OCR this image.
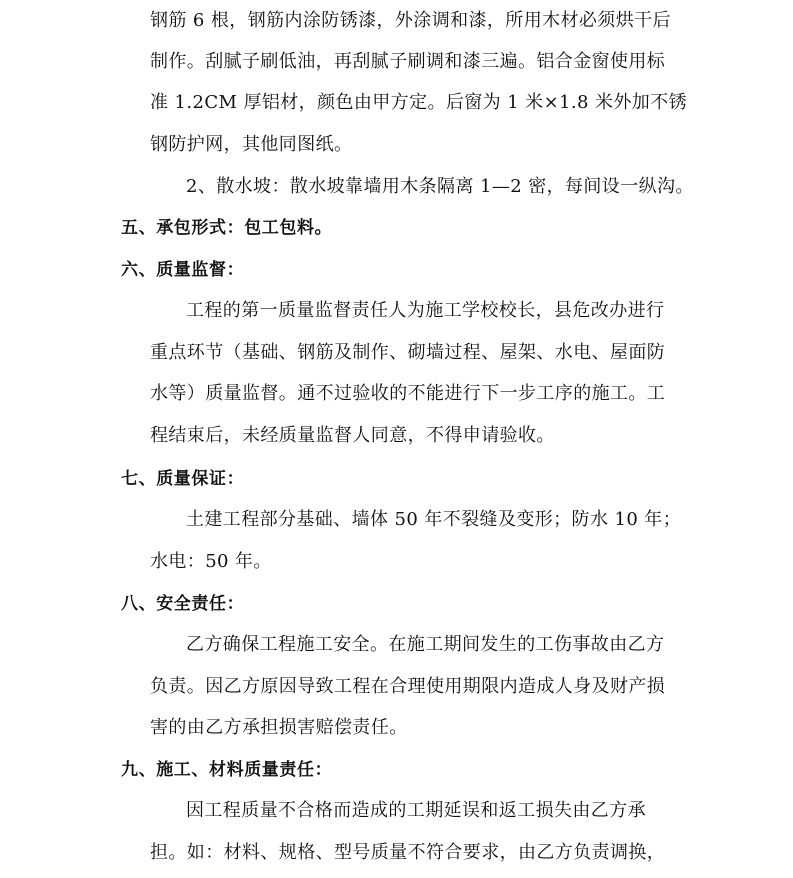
钢筋 6 根，钢筋内涂防锈漆，外涂调和漆，所用木材必须烘干后
制作。刮腻子刷低油，再刮腻子刷调和漆三遍。铝合金窗使用标
准 1.2CM 厚铝材，颜色由甲方定。后窗为 1 米×1.8 米外加不锈
钢防护网，其他同图纸。
2、散水坡：散水坡靠墙用木条隔离 1—2 密，每间设一纵沟。
五、承包形式：包工包料。
六、质量监督：
工程的第一质量监督责任人为施工学校校长，县危改办进行
重点环节（基础、钢筋及制作、砌墙过程、屋架、水电、屋面防
水等）质量监督。通不过验收的不能进行下一步工序的施工。工
程结束后，未经质量监督人同意，不得申请验收。
七、质量保证：
土建工程部分基础、墙体 50 年不裂缝及变形；防水 10 年；
水电：50 年。
八、安全责任：
乙方确保工程施工安全。在施工期间发生的工伤事故由乙方
负责。因乙方原因导致工程在合理使用期限内造成人身及财产损
害的由乙方承担损害赔偿责任。
九、施工、材料质量责任：
因工程质量不合格而造成的工期延误和返工损失由乙方承
担。如：材料、规格、型号质量不符合要求，由乙方负责调换，
